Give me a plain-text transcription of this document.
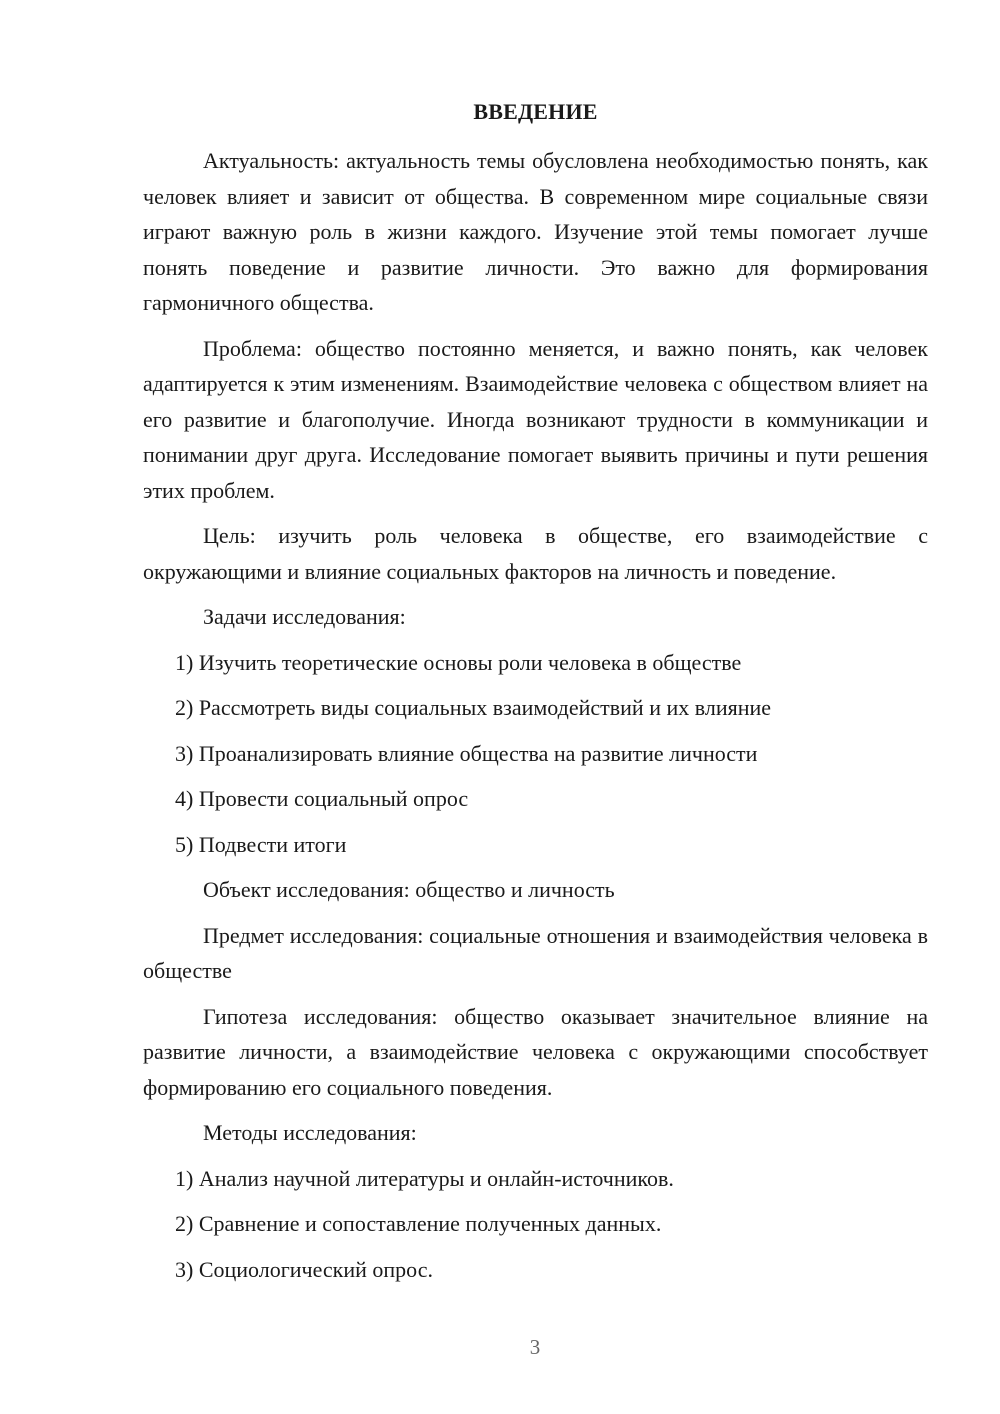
ВВЕДЕНИЕ

Актуальность: актуальность темы обусловлена необходимостью понять, как человек влияет и зависит от общества. В современном мире социальные связи играют важную роль в жизни каждого. Изучение этой темы помогает лучше понять поведение и развитие личности. Это важно для формирования гармоничного общества.

Проблема: общество постоянно меняется, и важно понять, как человек адаптируется к этим изменениям. Взаимодействие человека с обществом влияет на его развитие и благополучие. Иногда возникают трудности в коммуникации и понимании друг друга. Исследование помогает выявить причины и пути решения этих проблем.

Цель: изучить роль человека в обществе, его взаимодействие с окружающими и влияние социальных факторов на личность и поведение.

Задачи исследования:

1) Изучить теоретические основы роли человека в обществе
2) Рассмотреть виды социальных взаимодействий и их влияние
3) Проанализировать влияние общества на развитие личности
4) Провести социальный опрос
5) Подвести итоги

Объект исследования: общество и личность

Предмет исследования: социальные отношения и взаимодействия человека в обществе

Гипотеза исследования: общество оказывает значительное влияние на развитие личности, а взаимодействие человека с окружающими способствует формированию его социального поведения.

Методы исследования:

1) Анализ научной литературы и онлайн-источников.
2) Сравнение и сопоставление полученных данных.
3) Социологический опрос.
3
